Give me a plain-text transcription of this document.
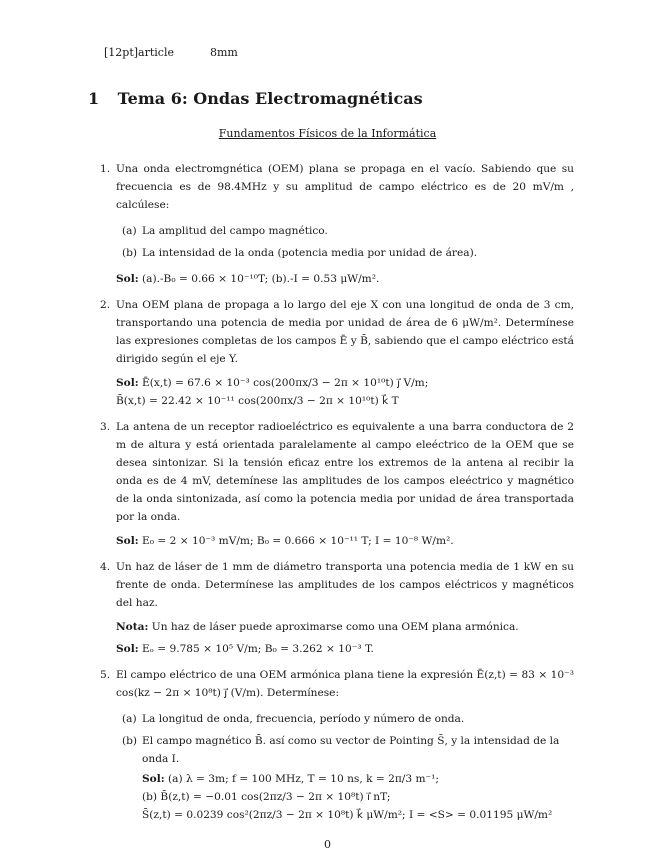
[12pt]article	8mm
1 Tema 6: Ondas Electromagnéticas
Fundamentos Físicos de la Informática
1. Una onda electromgnética (OEM) plana se propaga en el vacío. Sabiendo que su frecuencia es de 98.4MHz y su amplitud de campo eléctrico es de 20 mV/m , calcúlese:

(a) La amplitud del campo magnético.
(b) La intensidad de la onda (potencia media por unidad de área).

Sol: (a).-B₀ = 0.66 × 10⁻¹⁰T; (b).-I = 0.53 μW/m².

2. Una OEM plana de propaga a lo largo del eje X con una longitud de onda de 3 cm, transportando una potencia de media por unidad de área de 6 μW/m². Determínese las expresiones completas de los campos Ē y B̄, sabiendo que el campo eléctrico está dirigido según el eje Y.

Sol: Ē(x,t) = 67.6 × 10⁻³ cos(200πx/3 − 2π × 10¹⁰t) j⃗ V/m;

B̄(x,t) = 22.42 × 10⁻¹¹ cos(200πx/3 − 2π × 10¹⁰t) k⃗ T

3. La antena de un receptor radioeléctrico es equivalente a una barra conductora de 2 m de altura y está orientada paralelamente al campo eleéctrico de la OEM que se desea sintonizar. Si la tensión eficaz entre los extremos de la antena al recibir la onda es de 4 mV, detemínese las amplitudes de los campos eleéctrico y magnético de la onda sintonizada, así como la potencia media por unidad de área transportada por la onda.

Sol: E₀ = 2 × 10⁻³ mV/m; B₀ = 0.666 × 10⁻¹¹ T; I = 10⁻⁸ W/m².

4. Un haz de láser de 1 mm de diámetro transporta una potencia media de 1 kW en su frente de onda. Determínese las amplitudes de los campos eléctricos y magnéticos del haz.

Nota: Un haz de láser puede aproximarse como una OEM plana armónica.

Sol: Eₒ = 9.785 × 10⁵ V/m; B₀ = 3.262 × 10⁻³ T.

5. El campo eléctrico de una OEM armónica plana tiene la expresión Ē(z,t) = 83 × 10⁻³ cos(kz − 2π × 10⁸t) j⃗ (V/m). Determínese:

(a) La longitud de onda, frecuencia, período y número de onda.
(b) El campo magnético B̄. así como su vector de Pointing S̄, y la intensidad de la onda I.

Sol: (a) λ = 3m; f = 100 MHz, T = 10 ns, k = 2π/3 m⁻¹;

(b) B̄(z,t) = −0.01 cos(2πz/3 − 2π × 10⁸t) i⃗ nT;

S̄(z,t) = 0.0239 cos²(2πz/3 − 2π × 10⁸t) k⃗ μW/m²; I = <S> = 0.01195 μW/m²

0
